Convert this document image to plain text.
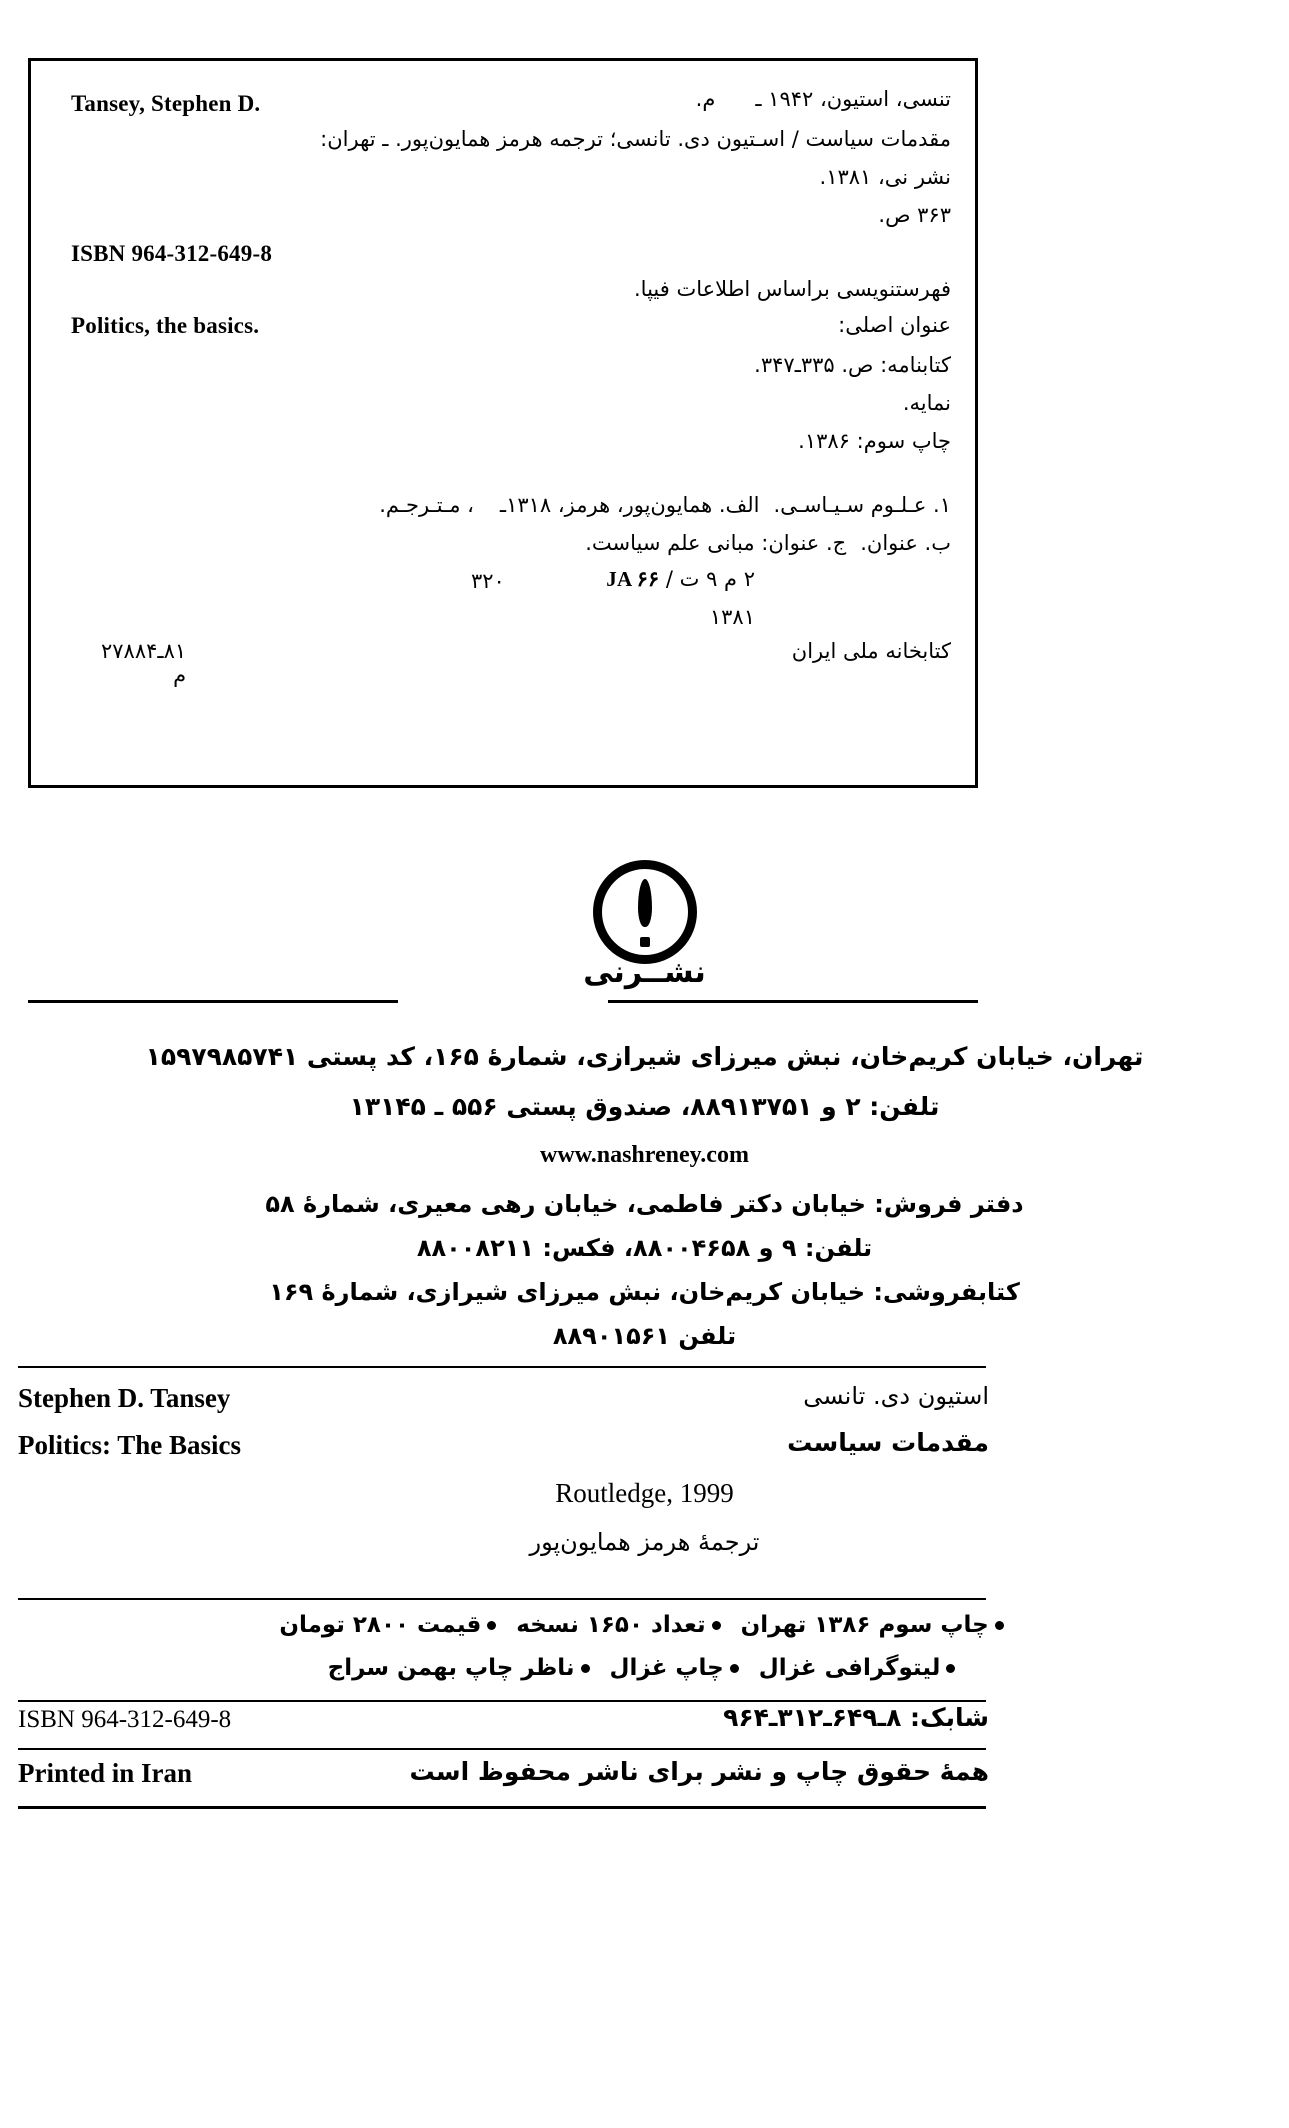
Tansey, Stephen D.	تنسی، استیون، ۱۹۴۲ ـم.
مقدمات سیاست / اسـتیون دی. تانسی؛ ترجمه هرمز همایون‌پور. ـ تهران:
نشر نی، ۱۳۸۱.
۳۶۳ ص.
ISBN 964-312-649-8
فهرستنویسی براساس اطلاعات فیپا.
Politics, the basics.	عنوان اصلی:
کتابنامه: ص. ۳۳۵ـ۳۴۷.
نمایه.
چاپ سوم: ۱۳۸۶.
۱. عـلـوم سـیـاسـی.الف. همایون‌پور، هرمز، ۱۳۱۸ـ، مـتـرجـم.
ب. عنوان.ج. عنوان: مبانی علم سیاست.
۲ م ۹ ت / JA ۶۶
۳۲۰
۱۳۸۱
کتابخانه ملی ایران
۸۱ـ۲۷۸۸۴
م
نشــرنی
تهران، خیابان کریم‌خان، نبش میرزای شیرازی، شمارهٔ ۱۶۵، کد پستی ۱۵۹۷۹۸۵۷۴۱
تلفن: ۲ و ۸۸۹۱۳۷۵۱، صندوق پستی ۵۵۶ ـ ۱۳۱۴۵
www.nashreney.com
دفتر فروش: خیابان دکتر فاطمی، خیابان رهی معیری، شمارهٔ ۵۸
تلفن: ۹ و ۸۸۰۰۴۶۵۸، فکس: ۸۸۰۰۸۲۱۱
کتابفروشی: خیابان کریم‌خان، نبش میرزای شیرازی، شمارهٔ ۱۶۹
تلفن ۸۸۹۰۱۵۶۱
Stephen D. Tansey	استیون دی. تانسی
Politics: The Basics	مقدمات سیاست
Routledge, 1999
ترجمهٔ هرمز همایون‌پور
چاپ سوم ۱۳۸۶ تهرانتعداد ۱۶۵۰ نسخهقیمت ۲۸۰۰ تومان
لیتوگرافی غزالچاپ غزالناظر چاپ بهمن سراج
ISBN 964-312-649-8	شابک: ۸ـ۶۴۹ـ۳۱۲ـ۹۶۴
Printed in Iran	همهٔ حقوق چاپ و نشر برای ناشر محفوظ است
